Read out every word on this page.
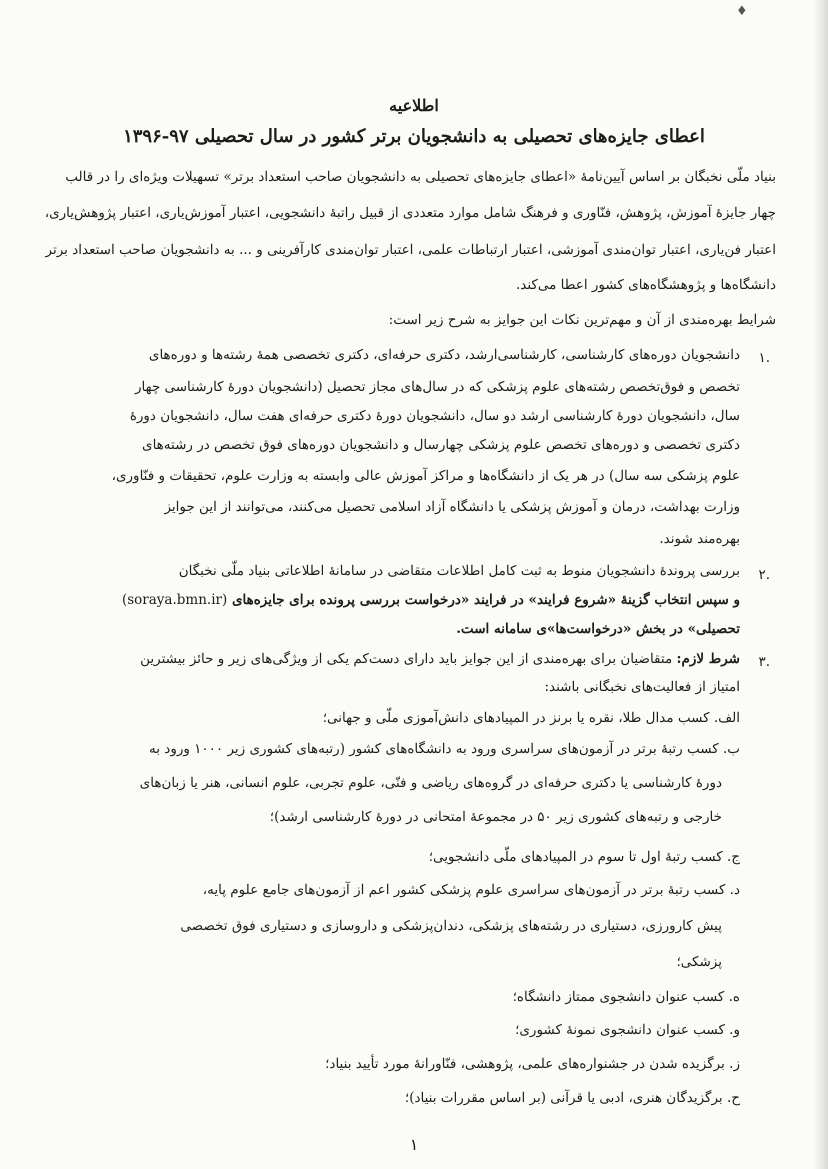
♦
اطلاعیه
اعطای جایزه‌های تحصیلی به دانشجویان برتر کشور در سال تحصیلی ۹۷-۱۳۹۶
بنیاد ملّی نخبگان بر اساس آیین‌نامۀ «اعطای جایزه‌های تحصیلی به دانشجویان صاحب استعداد برتر» تسهیلات ویژه‌ای را در قالب
چهار جایزۀ آموزش، پژوهش، فنّاوری و فرهنگ شامل موارد متعددی از قبیل راتبۀ دانشجویی، اعتبار آموزش‌یاری، اعتبار پژوهش‌یاری،
اعتبار فن‌یاری، اعتبار توان‌مندی آموزشی، اعتبار ارتباطات علمی، اعتبار توان‌مندی کارآفرینی و ... به دانشجویان صاحب استعداد برتر
دانشگاه‌ها و پژوهشگاه‌های کشور اعطا می‌کند.
شرایط بهره‌مندی از آن و مهم‌ترین نکات این جوایز به شرح زیر است:
.۱
دانشجویان دوره‌های کارشناسی، کارشناسی‌ارشد، دکتری حرفه‌ای، دکتری تخصصی همۀ رشته‌ها و دوره‌های
تخصص و فوق‌تخصص رشته‌های علوم پزشکی که در سال‌های مجاز تحصیل (دانشجویان دورۀ کارشناسی چهار
سال، دانشجویان دورۀ کارشناسی ارشد دو سال، دانشجویان دورۀ دکتری حرفه‌ای هفت سال، دانشجویان دورۀ
دکتری تخصصی و دوره‌های تخصص علوم پزشکی چهارسال و دانشجویان دوره‌های فوق تخصص در رشته‌های
علوم پزشکی سه سال) در هر یک از دانشگاه‌ها و مراکز آموزش عالی وابسته به وزارت علوم، تحقیقات و فنّاوری،
وزارت بهداشت، درمان و آموزش پزشکی یا دانشگاه آزاد اسلامی تحصیل می‌کنند، می‌توانند از این جوایز
بهره‌مند شوند.
.۲
بررسی پروندۀ دانشجویان منوط به ثبت کامل اطلاعات متقاضی در سامانۀ اطلاعاتی بنیاد ملّی نخبگان
و سپس انتخاب گزینۀ «شروع فرایند» در فرایند «درخواست بررسی پرونده برای جایزه‌های (soraya.bmn.ir)
تحصیلی» در بخش «درخواست‌ها»ی سامانه است.
.۳
شرط لازم: متقاضیان برای بهره‌مندی از این جوایز باید دارای دست‌کم یکی از ویژگی‌های زیر و حائز بیشترین
امتیاز از فعالیت‌های نخبگانی باشند:
الف. کسب مدال طلا، نقره یا برنز در المپیادهای دانش‌آموزی ملّی و جهانی؛
ب. کسب رتبۀ برتر در آزمون‌های سراسری ورود به دانشگاه‌های کشور (رتبه‌های کشوری زیر ۱۰۰۰ ورود به
دورۀ کارشناسی یا دکتری حرفه‌ای در گروه‌های ریاضی و فنّی، علوم تجربی، علوم انسانی، هنر یا زبان‌های
خارجی و رتبه‌های کشوری زیر ۵۰ در مجموعۀ امتحانی در دورۀ کارشناسی ارشد)؛
ج. کسب رتبۀ اول تا سوم در المپیادهای ملّی دانشجویی؛
د. کسب رتبۀ برتر در آزمون‌های سراسری علوم پزشکی کشور اعم از آزمون‌های جامع علوم پایه،
پیش کارورزی، دستیاری در رشته‌های پزشکی، دندان‌پزشکی و داروسازی و دستیاری فوق تخصصی
پزشکی؛
ه. کسب عنوان دانشجوی ممتاز دانشگاه؛
و. کسب عنوان دانشجوی نمونۀ کشوری؛
ز. برگزیده شدن در جشنواره‌های علمی، پژوهشی، فنّاورانۀ مورد تأیید بنیاد؛
ح. برگزیدگان هنری، ادبی یا قرآنی (بر اساس مقررات بنیاد)؛
۱
